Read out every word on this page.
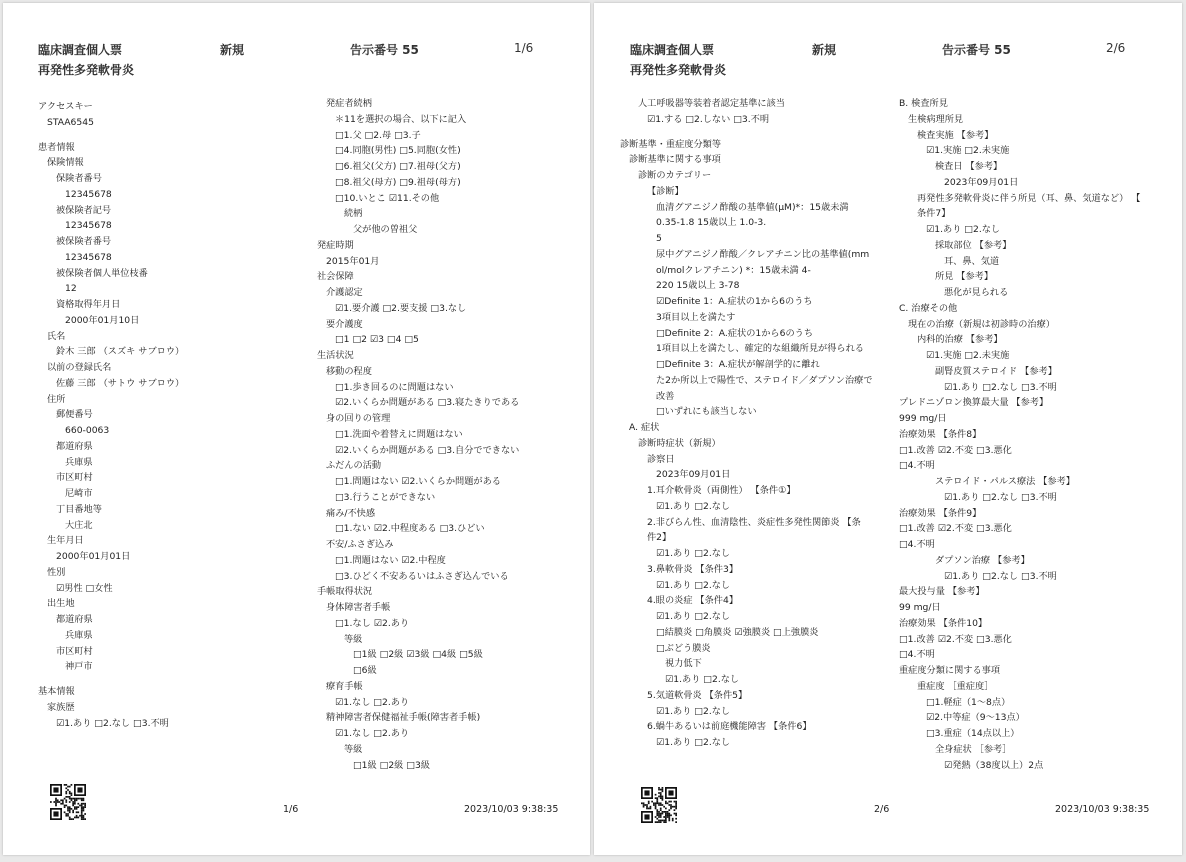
臨床調査個人票	新規	告示番号 55	1/6
再発性多発軟骨炎
アクセスキー
STAA6545
患者情報
保険情報
保険者番号
12345678
被保険者記号
12345678
被保険者番号
12345678
被保険者個人単位枝番
12
資格取得年月日
2000年01月10日
氏名
鈴木 三郎 （スズキ サブロウ）
以前の登録氏名
佐藤 三郎 （サトウ サブロウ）
住所
郵便番号
660-0063
都道府県
兵庫県
市区町村
尼崎市
丁目番地等
大庄北
生年月日
2000年01月01日
性別
☑男性 □女性
出生地
都道府県
兵庫県
市区町村
神戸市
基本情報
家族歴
☑1.あり □2.なし □3.不明
発症者続柄
＊11を選択の場合、以下に記入
□1.父 □2.母 □3.子
□4.同胞(男性) □5.同胞(女性)
□6.祖父(父方) □7.祖母(父方)
□8.祖父(母方) □9.祖母(母方)
□10.いとこ ☑11.その他
続柄
父が他の曽祖父
発症時期
2015年01月
社会保障
介護認定
☑1.要介護 □2.要支援 □3.なし
要介護度
□1 □2 ☑3 □4 □5
生活状況
移動の程度
□1.歩き回るのに問題はない
☑2.いくらか問題がある □3.寝たきりである
身の回りの管理
□1.洗面や着替えに問題はない
☑2.いくらか問題がある □3.自分でできない
ふだんの活動
□1.問題はない ☑2.いくらか問題がある
□3.行うことができない
痛み/不快感
□1.ない ☑2.中程度ある □3.ひどい
不安/ふさぎ込み
□1.問題はない ☑2.中程度
□3.ひどく不安あるいはふさぎ込んでいる
手帳取得状況
身体障害者手帳
□1.なし ☑2.あり
等級
□1級 □2級 ☑3級 □4級 □5級
□6級
療育手帳
☑1.なし □2.あり
精神障害者保健福祉手帳(障害者手帳)
☑1.なし □2.あり
等級
□1級 □2級 □3級
1/6	2023/10/03 9:38:35
臨床調査個人票	新規	告示番号 55	2/6
再発性多発軟骨炎
人工呼吸器等装着者認定基準に該当
☑1.する □2.しない □3.不明
診断基準・重症度分類等
診断基準に関する事項
診断のカテゴリー
【診断】
血清グアニジノ酢酸の基準値(μM)*：15歳未満
0.35-1.8 15歳以上 1.0-3.
5
尿中グアニジノ酢酸／クレアチニン比の基準値(mm
ol/molクレアチニン) *：15歳未満 4-
220 15歳以上 3-78
☑Definite 1：A.症状の1から6のうち
3項目以上を満たす
□Definite 2：A.症状の1から6のうち
1項目以上を満たし、確定的な組織所見が得られる
□Definite 3：A.症状が解剖学的に離れ
た2か所以上で陽性で、ステロイド／ダプソン治療で
改善
□いずれにも該当しない
A. 症状
診断時症状（新規）
診察日
2023年09月01日
1.耳介軟骨炎（両側性） 【条件①】
☑1.あり □2.なし
2.非びらん性、血清陰性、炎症性多発性関節炎 【条
件2】
☑1.あり □2.なし
3.鼻軟骨炎 【条件3】
☑1.あり □2.なし
4.眼の炎症 【条件4】
☑1.あり □2.なし
□結膜炎 □角膜炎 ☑強膜炎 □上強膜炎
□ぶどう膜炎
視力低下
☑1.あり □2.なし
5.気道軟骨炎 【条件5】
☑1.あり □2.なし
6.蝸牛あるいは前庭機能障害 【条件6】
☑1.あり □2.なし
B. 検査所見
生検病理所見
検査実施 【参考】
☑1.実施 □2.未実施
検査日 【参考】
2023年09月01日
再発性多発軟骨炎に伴う所見（耳、鼻、気道など） 【
条件7】
☑1.あり □2.なし
採取部位 【参考】
耳、鼻、気道
所見 【参考】
悪化が見られる
C. 治療その他
現在の治療（新規は初診時の治療）
内科的治療 【参考】
☑1.実施 □2.未実施
副腎皮質ステロイド 【参考】
☑1.あり □2.なし □3.不明
プレドニゾロン換算最大量 【参考】
999 mg/日
治療効果 【条件8】
□1.改善 ☑2.不変 □3.悪化
□4.不明
ステロイド・パルス療法 【参考】
☑1.あり □2.なし □3.不明
治療効果 【条件9】
□1.改善 ☑2.不変 □3.悪化
□4.不明
ダプソン治療 【参考】
☑1.あり □2.なし □3.不明
最大投与量 【参考】
99 mg/日
治療効果 【条件10】
□1.改善 ☑2.不変 □3.悪化
□4.不明
重症度分類に関する事項
重症度 ［重症度］
□1.軽症（1～8点）
☑2.中等症（9～13点）
□3.重症（14点以上）
全身症状 ［参考］
☑発熱（38度以上）2点
2/6	2023/10/03 9:38:35
